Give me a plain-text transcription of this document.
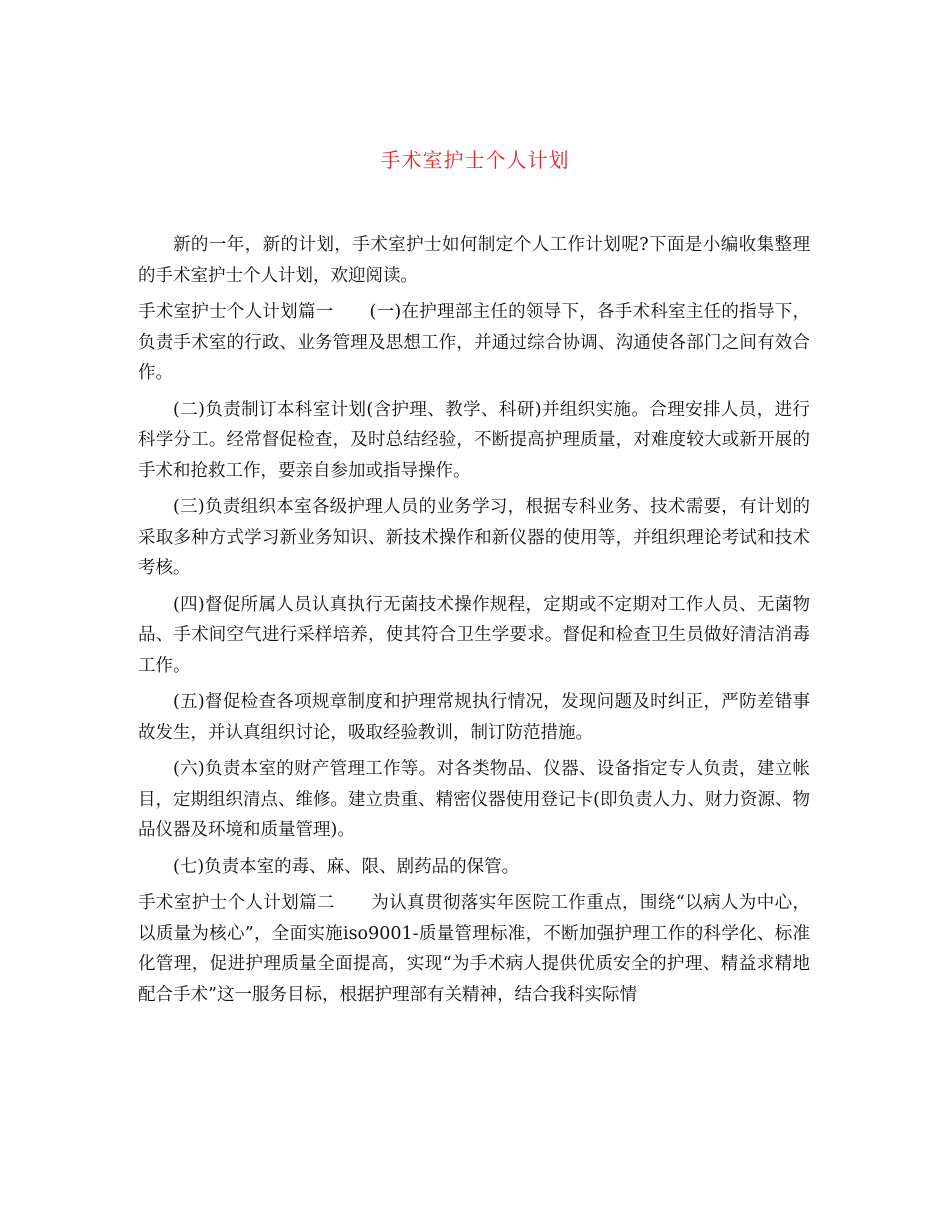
手术室护士个人计划

新的一年，新的计划，手术室护士如何制定个人工作计划呢?下面是小编收集整理的手术室护士个人计划，欢迎阅读。

手术室护士个人计划篇一 (一)在护理部主任的领导下，各手术科室主任的指导下，负责手术室的行政、业务管理及思想工作，并通过综合协调、沟通使各部门之间有效合作。

(二)负责制订本科室计划(含护理、教学、科研)并组织实施。合理安排人员，进行科学分工。经常督促检查，及时总结经验，不断提高护理质量，对难度较大或新开展的手术和抢救工作，要亲自参加或指导操作。

(三)负责组织本室各级护理人员的业务学习，根据专科业务、技术需要，有计划的采取多种方式学习新业务知识、新技术操作和新仪器的使用等，并组织理论考试和技术考核。

(四)督促所属人员认真执行无菌技术操作规程，定期或不定期对工作人员、无菌物品、手术间空气进行采样培养，使其符合卫生学要求。督促和检查卫生员做好清洁消毒工作。

(五)督促检查各项规章制度和护理常规执行情况，发现问题及时纠正，严防差错事故发生，并认真组织讨论，吸取经验教训，制订防范措施。

(六)负责本室的财产管理工作等。对各类物品、仪器、设备指定专人负责，建立帐目，定期组织清点、维修。建立贵重、精密仪器使用登记卡(即负责人力、财力资源、物品仪器及环境和质量管理)。

(七)负责本室的毒、麻、限、剧药品的保管。

手术室护士个人计划篇二 为认真贯彻落实年医院工作重点，围绕“以病人为中心，以质量为核心”，全面实施iso9001-质量管理标准，不断加强护理工作的科学化、标准化管理，促进护理质量全面提高，实现“为手术病人提供优质安全的护理、精益求精地配合手术”这一服务目标，根据护理部有关精神，结合我科实际情
